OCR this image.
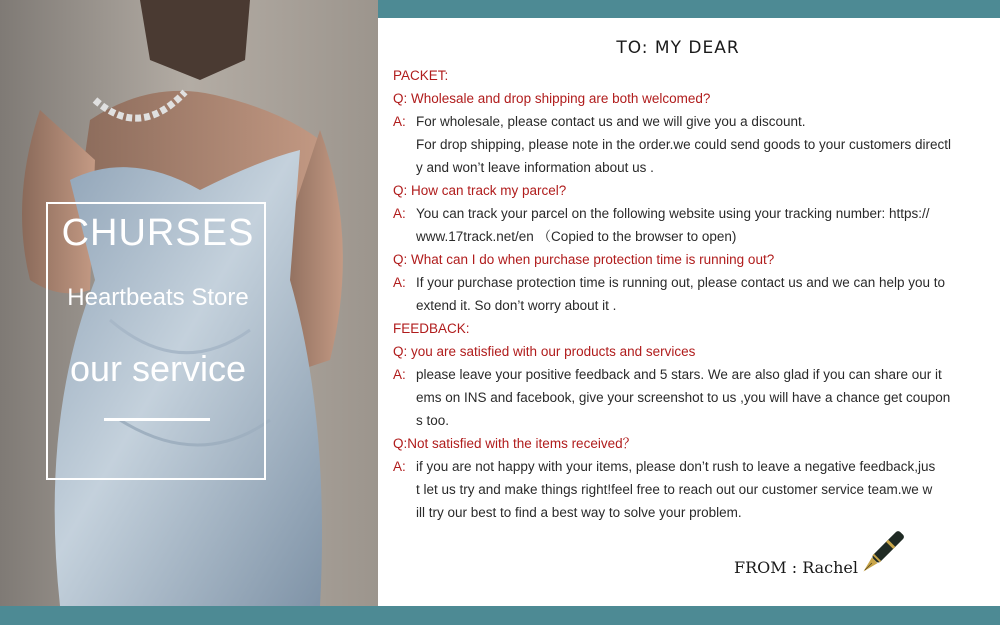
CHURSES
Heartbeats Store
our service
TO: MY DEAR
PACKET:
Q: Wholesale and drop shipping are both welcomed?
A: For wholesale, please contact us and we will give you a discount.
For drop shipping, please note in the order.we could send goods to your customers directl
y and won’t leave information about us .
Q: How can track my parcel?
A: You can track your parcel on the following website using your tracking number: https://
www.17track.net/en （Copied to the browser to open)
Q: What can I do when purchase protection time is running out?
A: If your purchase protection time is running out, please contact us and we can help you to
extend it. So don’t worry about it .
FEEDBACK:
Q: you are satisfied with our products and services
A: please leave your positive feedback and 5 stars. We are also glad if you can share our it
ems on INS and facebook, give your screenshot to us ,you will have a chance get coupon
s too.
Q:Not satisfied with the items received？
A: if you are not happy with your items, please don’t rush to leave a negative feedback,jus
t let us try and make things right!feel free to reach out our customer service team.we w
ill try our best to find a best way to solve your problem.
FROM : Rachel
